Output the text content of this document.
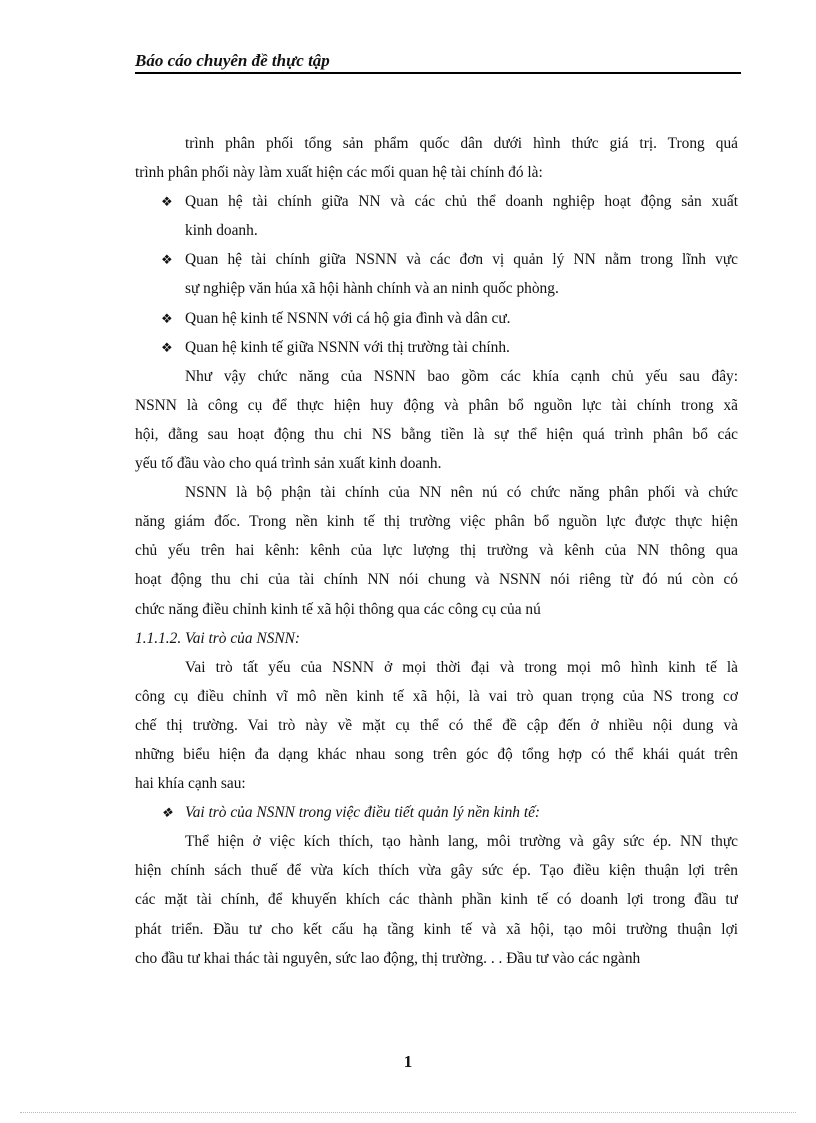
Báo cáo chuyên đề thực tập
trình phân phối tổng sản phẩm quốc dân dưới hình thức giá trị. Trong quá
trình phân phối này làm xuất hiện các mối quan hệ tài chính đó là:
❖ Quan hệ tài chính giữa NN và các chủ thể doanh nghiệp hoạt động sản xuất
kinh doanh.
❖ Quan hệ tài chính giữa NSNN và các đơn vị quản lý NN nằm trong lĩnh vực
sự nghiệp văn húa xã hội hành chính và an ninh quốc phòng.
❖ Quan hệ kinh tế NSNN với cá hộ gia đình và dân cư.
❖ Quan hệ kinh tế giữa NSNN với thị trường tài chính.
Như vậy chức năng của NSNN bao gồm các khía cạnh chủ yếu sau đây:
NSNN là công cụ để thực hiện huy động và phân bổ nguồn lực tài chính trong xã
hội, đằng sau hoạt động thu chi NS bằng tiền là sự thể hiện quá trình phân bổ các
yếu tố đầu vào cho quá trình sản xuất kinh doanh.
NSNN là bộ phận tài chính của NN nên nú có chức năng phân phối và chức
năng giám đốc. Trong nền kinh tế thị trường việc phân bổ nguồn lực được thực hiện
chủ yếu trên hai kênh: kênh của lực lượng thị trường và kênh của NN thông qua
hoạt động thu chi của tài chính NN nói chung và NSNN nói riêng từ đó nú còn có
chức năng điều chỉnh kinh tế xã hội thông qua các công cụ của nú
1.1.1.2. Vai trò của NSNN:
Vai trò tất yếu của NSNN ở mọi thời đại và trong mọi mô hình kinh tế là
công cụ điều chỉnh vĩ mô nền kinh tế xã hội, là vai trò quan trọng của NS trong cơ
chế thị trường. Vai trò này về mặt cụ thể có thể đề cập đến ở nhiều nội dung và
những biểu hiện đa dạng khác nhau song trên góc độ tổng hợp có thể khái quát trên
hai khía cạnh sau:
❖ Vai trò của NSNN trong việc điều tiết quản lý nền kinh tế:
Thể hiện ở việc kích thích, tạo hành lang, môi trường và gây sức ép. NN thực
hiện chính sách thuế để vừa kích thích vừa gây sức ép. Tạo điều kiện thuận lợi trên
các mặt tài chính, để khuyến khích các thành phần kinh tế có doanh lợi trong đầu tư
phát triển. Đầu tư cho kết cấu hạ tầng kinh tế và xã hội, tạo môi trường thuận lợi
cho đầu tư khai thác tài nguyên, sức lao động, thị trường. . . Đầu tư vào các ngành
1
